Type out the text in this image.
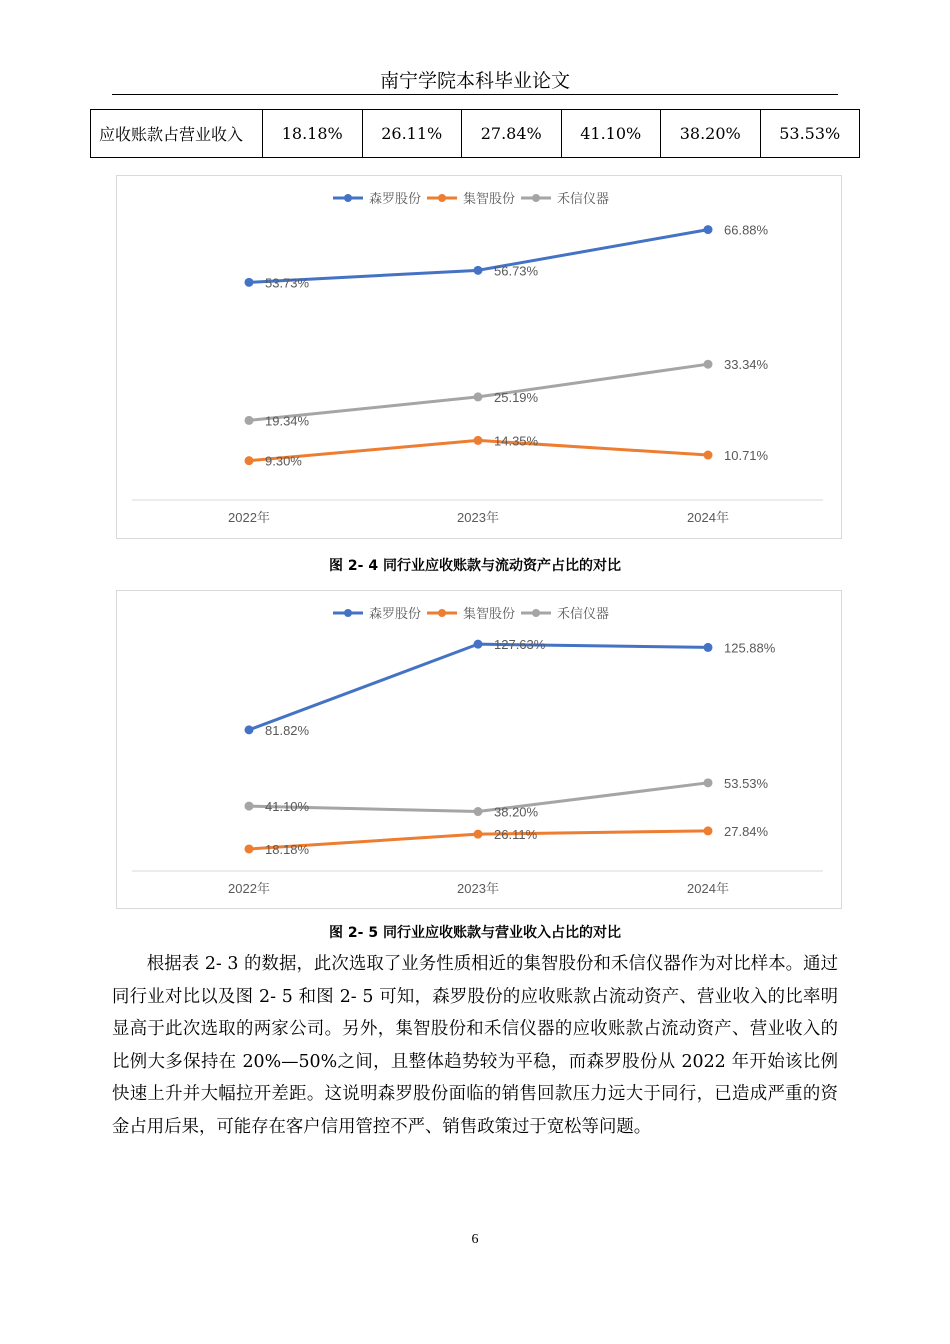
南宁学院本科毕业论文
应收账款占营业收入	18.18%	26.11%	27.84%	41.10%	38.20%	53.53%
森罗股份	集智股份	禾信仪器
2022年	2023年	2024年
53.73%
56.73%
66.88%
9.30%
14.35%
10.71%
19.34%
25.19%
33.34%
图 2- 4 同行业应收账款与流动资产占比的对比
森罗股份	集智股份	禾信仪器
2022年	2023年	2024年
81.82%
127.63%	125.88%
18.18%
26.11%	27.84%
41.10%	38.20%
53.53%
图 2- 5 同行业应收账款与营业收入占比的对比

根据表 2- 3 的数据，此次选取了业务性质相近的集智股份和禾信仪器作为对比样本。通过同行业对比以及图 2- 5 和图 2- 5 可知，森罗股份的应收账款占流动资产、营业收入的比率明显高于此次选取的两家公司。另外，集智股份和禾信仪器的应收账款占流动资产、营业收入的比例大多保持在 20%—50%之间，且整体趋势较为平稳，而森罗股份从 2022 年开始该比例快速上升并大幅拉开差距。这说明森罗股份面临的销售回款压力远大于同行，已造成严重的资金占用后果，可能存在客户信用管控不严、销售政策过于宽松等问题。

6
